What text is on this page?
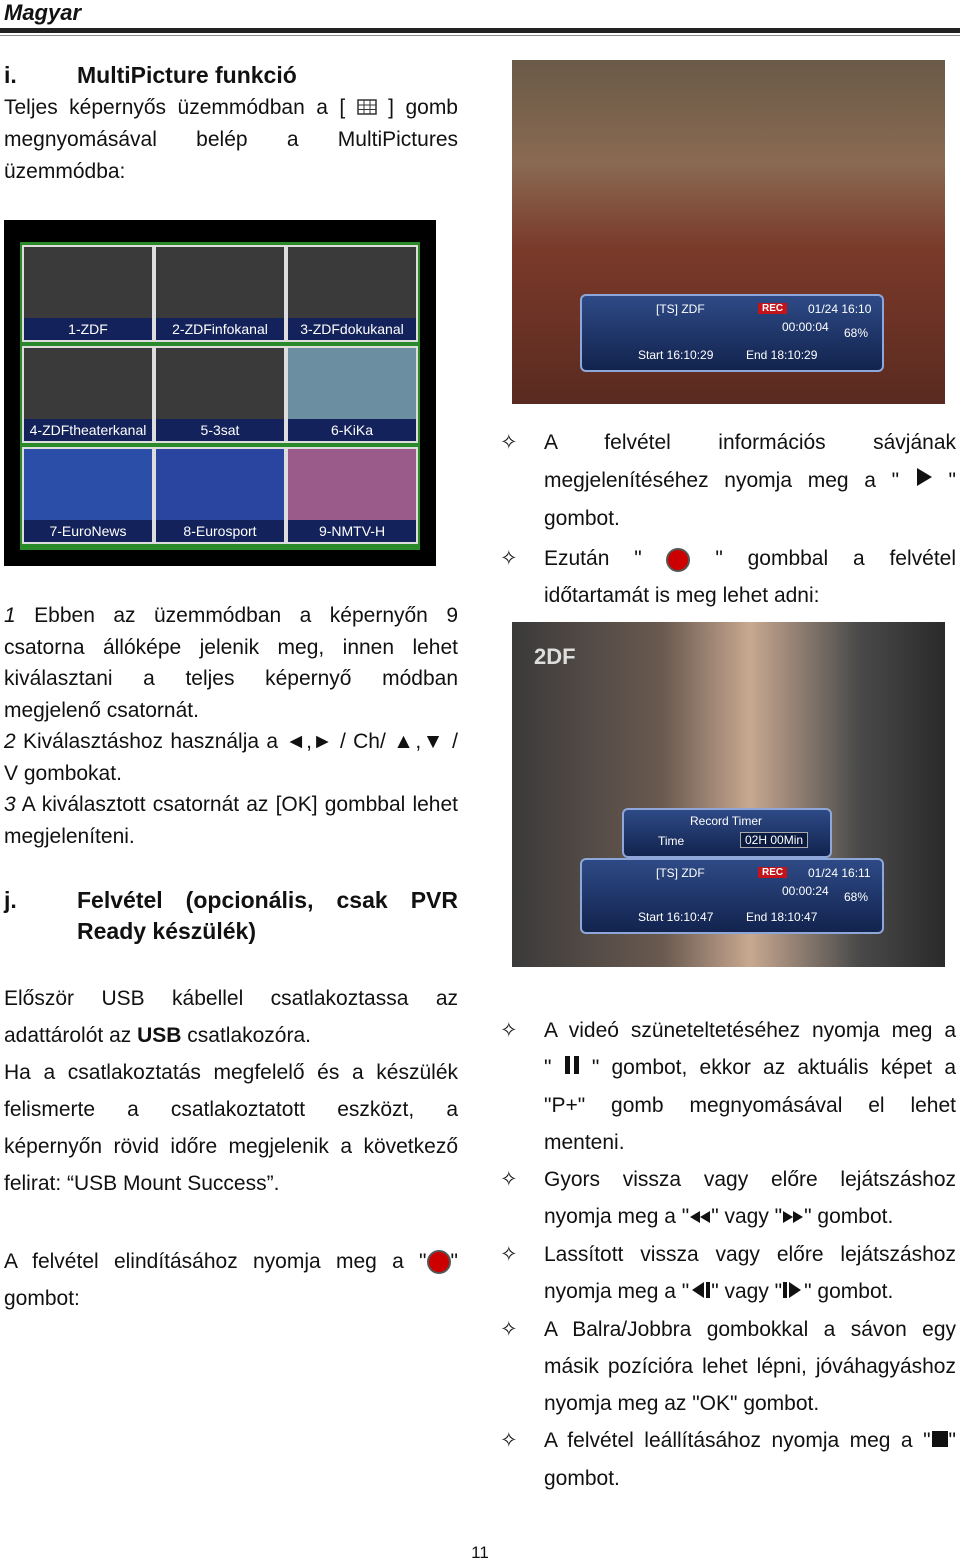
Magyar
i.	MultiPicture funkció
Teljes képernyős üzemmódban a [ ] gomb
megnyomásával belép a MultiPictures
üzemmódba:
1-ZDF	2-ZDFinfokanal	3-ZDFdokukanal
4-ZDFtheaterkanal	5-3sat	6-KiKa
7-EuroNews	8-Eurosport	9-NMTV-H
1 Ebben az üzemmódban a képernyőn 9
csatorna állóképe jelenik meg, innen lehet
kiválasztani a teljes képernyő módban
megjelenő csatornát.
2 Kiválasztáshoz használja a ◄,► / Ch/ ▲,▼ /
V gombokat.
3 A kiválasztott csatornát az [OK] gombbal lehet
megjeleníteni.
j.	Felvétel (opcionális, csak PVR
Ready készülék)
Először USB kábellel csatlakoztassa az
adattárolót az USB csatlakozóra.
Ha a csatlakoztatás megfelelő és a készülék
felismerte a csatlakoztatott eszközt, a
képernyőn rövid időre megjelenik a következő
felirat: “USB Mount Success”.
A felvétel elindításához nyomja meg a " "
gombot:
[TS] ZDF	REC	01/24 16:10
00:00:04 68%
Start 16:10:29	End 18:10:29
✧ A felvétel információs sávjának
megjelenítéséhez nyomja meg a " "
gombot.
✧ Ezután "	" gombbal a felvétel
időtartamát is meg lehet adni:
2DF
Record Timer
Time	02H 00Min
[TS] ZDF	REC	01/24 16:11
00:00:24 68%
Start 16:10:47	End 18:10:47
✧ A videó szüneteltetéséhez nyomja meg a
" " gombot, ekkor az aktuális képet a
"P+" gomb megnyomásával el lehet
menteni.
✧ Gyors vissza vagy előre lejátszáshoz
nyomja meg a " " vagy " " gombot.
✧ Lassított vissza vagy előre lejátszáshoz
nyomja meg a " " vagy " " gombot.
✧ A Balra/Jobbra gombokkal a sávon egy
másik pozícióra lehet lépni, jóváhagyáshoz
nyomja meg az "OK" gombot.
✧ A felvétel leállításához nyomja meg a " "
gombot.
11
